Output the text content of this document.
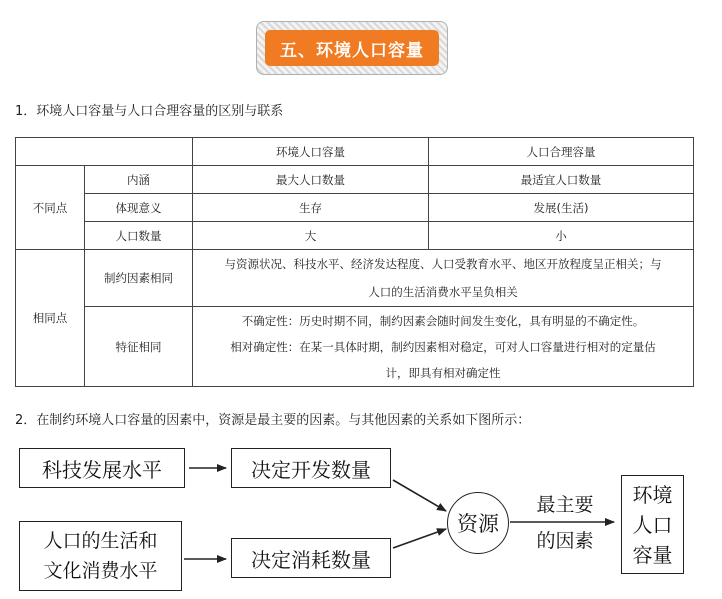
五、环境人口容量
1．环境人口容量与人口合理容量的区别与联系
		环境人口容量	人口合理容量
不同点	内涵	最大人口数量	最适宜人口数量
	体现意义	生存	发展(生活)
	人口数量	大	小
相同点	制约因素相同	与资源状况、科技水平、经济发达程度、人口受教育水平、地区开放程度呈正相关；与
人口的生活消费水平呈负相关	

	特征相同	不确定性：历史时期不同，制约因素会随时间发生变化，具有明显的不确定性。
相对确定性：在某一具体时期，制约因素相对稳定，可对人口容量进行相对的定量估
计，即具有相对确定性	
2．在制约环境人口容量的因素中，资源是最主要的因素。与其他因素的关系如下图所示：
科技发展水平	决定开发数量
人口的生活和
文化消费水平	决定消耗数量
资源
最主要
的因素
环境
人口
容量
